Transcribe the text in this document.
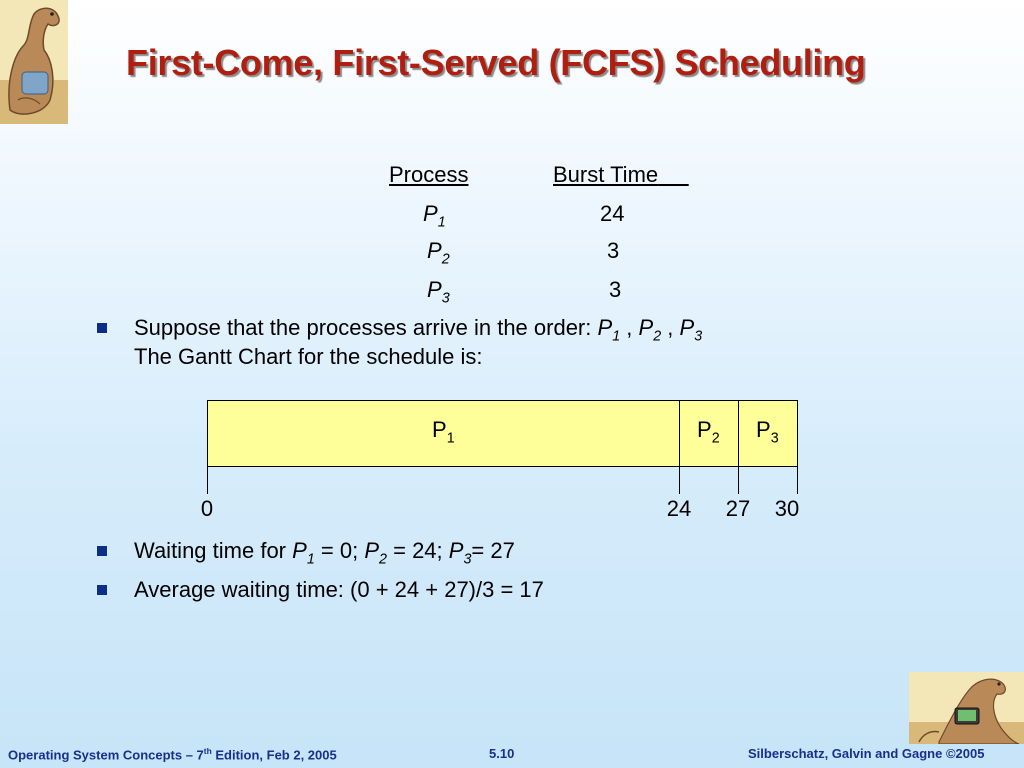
First-Come, First-Served (FCFS) Scheduling
Process	Burst Time
$P_1$	24
$P_2$	3
$P_3$	3
Suppose that the processes arrive in the order: $P_1$ , $P_2$ , $P_3$
The Gantt Chart for the schedule is:
$P_1$	$P_2$ $P_3$
0	24	27	30
Waiting time for $P_1 = 0$; $P_2 = 24$; $P_3= 27$
Average waiting time: (0 + 24 + 27)/3 = 17
Operating System Concepts – 7th Edition, Feb 2, 2005	5.10	Silberschatz, Galvin and Gagne ©2005
